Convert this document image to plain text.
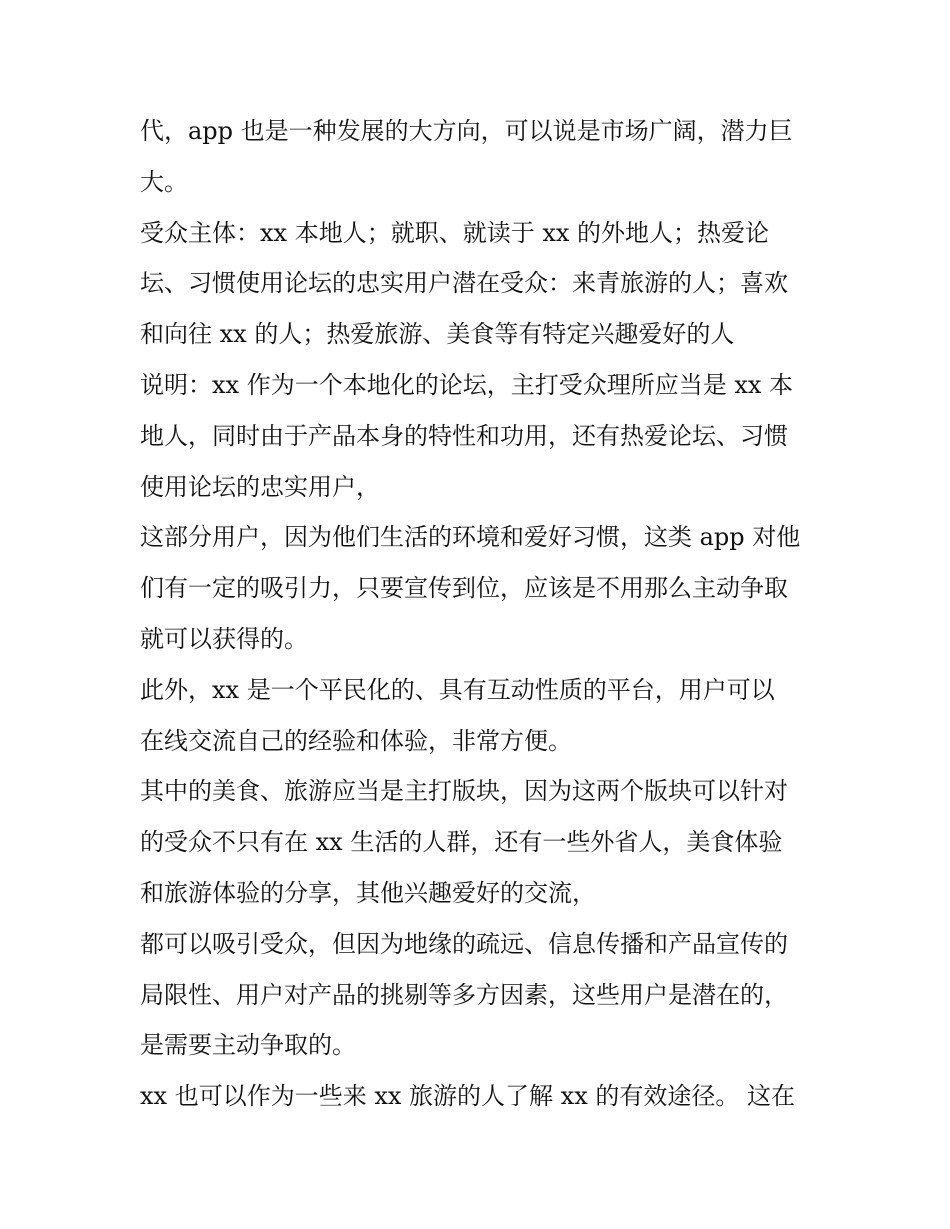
代，app 也是一种发展的大方向，可以说是市场广阔，潜力巨
大。
受众主体：xx 本地人；就职、就读于 xx 的外地人；热爱论
坛、习惯使用论坛的忠实用户潜在受众：来青旅游的人；喜欢
和向往 xx 的人；热爱旅游、美食等有特定兴趣爱好的人
说明：xx 作为一个本地化的论坛，主打受众理所应当是 xx 本
地人，同时由于产品本身的特性和功用，还有热爱论坛、习惯
使用论坛的忠实用户，
这部分用户，因为他们生活的环境和爱好习惯，这类 app 对他
们有一定的吸引力，只要宣传到位，应该是不用那么主动争取
就可以获得的。
此外，xx 是一个平民化的、具有互动性质的平台，用户可以
在线交流自己的经验和体验，非常方便。
其中的美食、旅游应当是主打版块，因为这两个版块可以针对
的受众不只有在 xx 生活的人群，还有一些外省人，美食体验
和旅游体验的分享，其他兴趣爱好的交流，
都可以吸引受众，但因为地缘的疏远、信息传播和产品宣传的
局限性、用户对产品的挑剔等多方因素，这些用户是潜在的，
是需要主动争取的。
xx 也可以作为一些来 xx 旅游的人了解 xx 的有效途径。 这在
